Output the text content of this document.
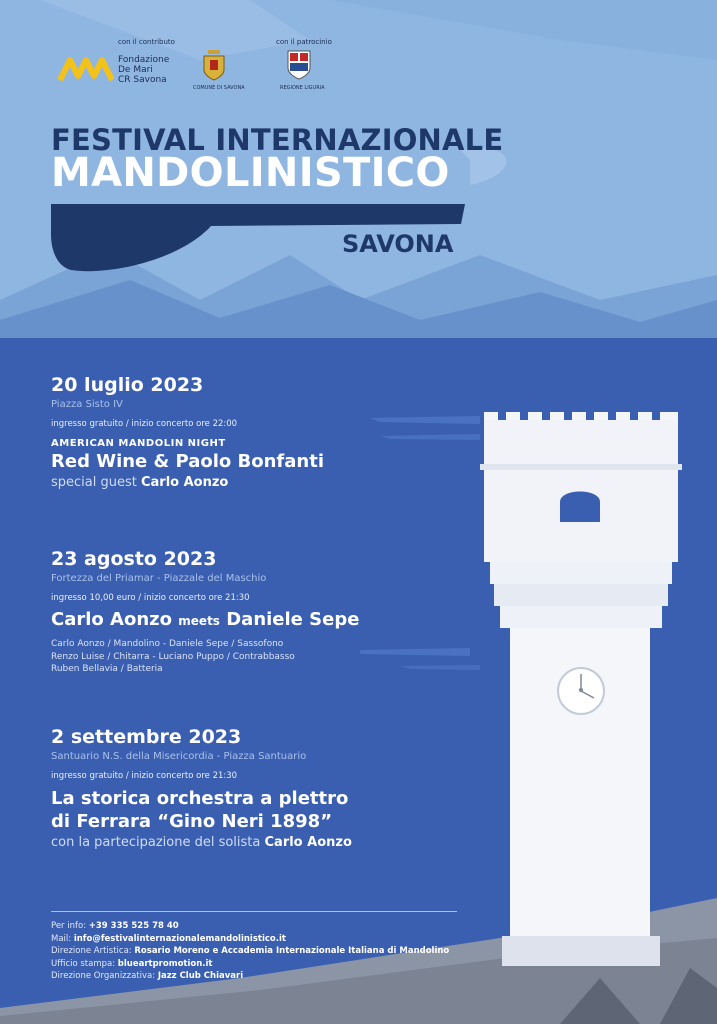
con il contributo
Fondazione
De Mari
CR Savona
COMUNE DI SAVONA
con il patrocinio
REGIONE LIGURIA
FESTIVAL INTERNAZIONALE
MANDOLINISTICO
SAVONA
20 luglio 2023
Piazza Sisto IV
ingresso gratuito / inizio concerto ore 22:00
AMERICAN MANDOLIN NIGHT
Red Wine & Paolo Bonfanti
special guest Carlo Aonzo
23 agosto 2023
Fortezza del Priamar - Piazzale del Maschio
ingresso 10,00 euro / inizio concerto ore 21:30
Carlo Aonzo meets Daniele Sepe
Carlo Aonzo / Mandolino - Daniele Sepe / Sassofono
Renzo Luise / Chitarra - Luciano Puppo / Contrabbasso
Ruben Bellavia / Batteria
2 settembre 2023
Santuario N.S. della Misericordia - Piazza Santuario
ingresso gratuito / inizio concerto ore 21:30
La storica orchestra a plettro
di Ferrara “Gino Neri 1898”
con la partecipazione del solista Carlo Aonzo
Per info: +39 335 525 78 40
Mail: info@festivalinternazionalemandolinistico.it
Direzione Artistica: Rosario Moreno e Accademia Internazionale Italiana di Mandolino
Ufficio stampa: blueartpromotion.it
Direzione Organizzativa: Jazz Club Chiavari
